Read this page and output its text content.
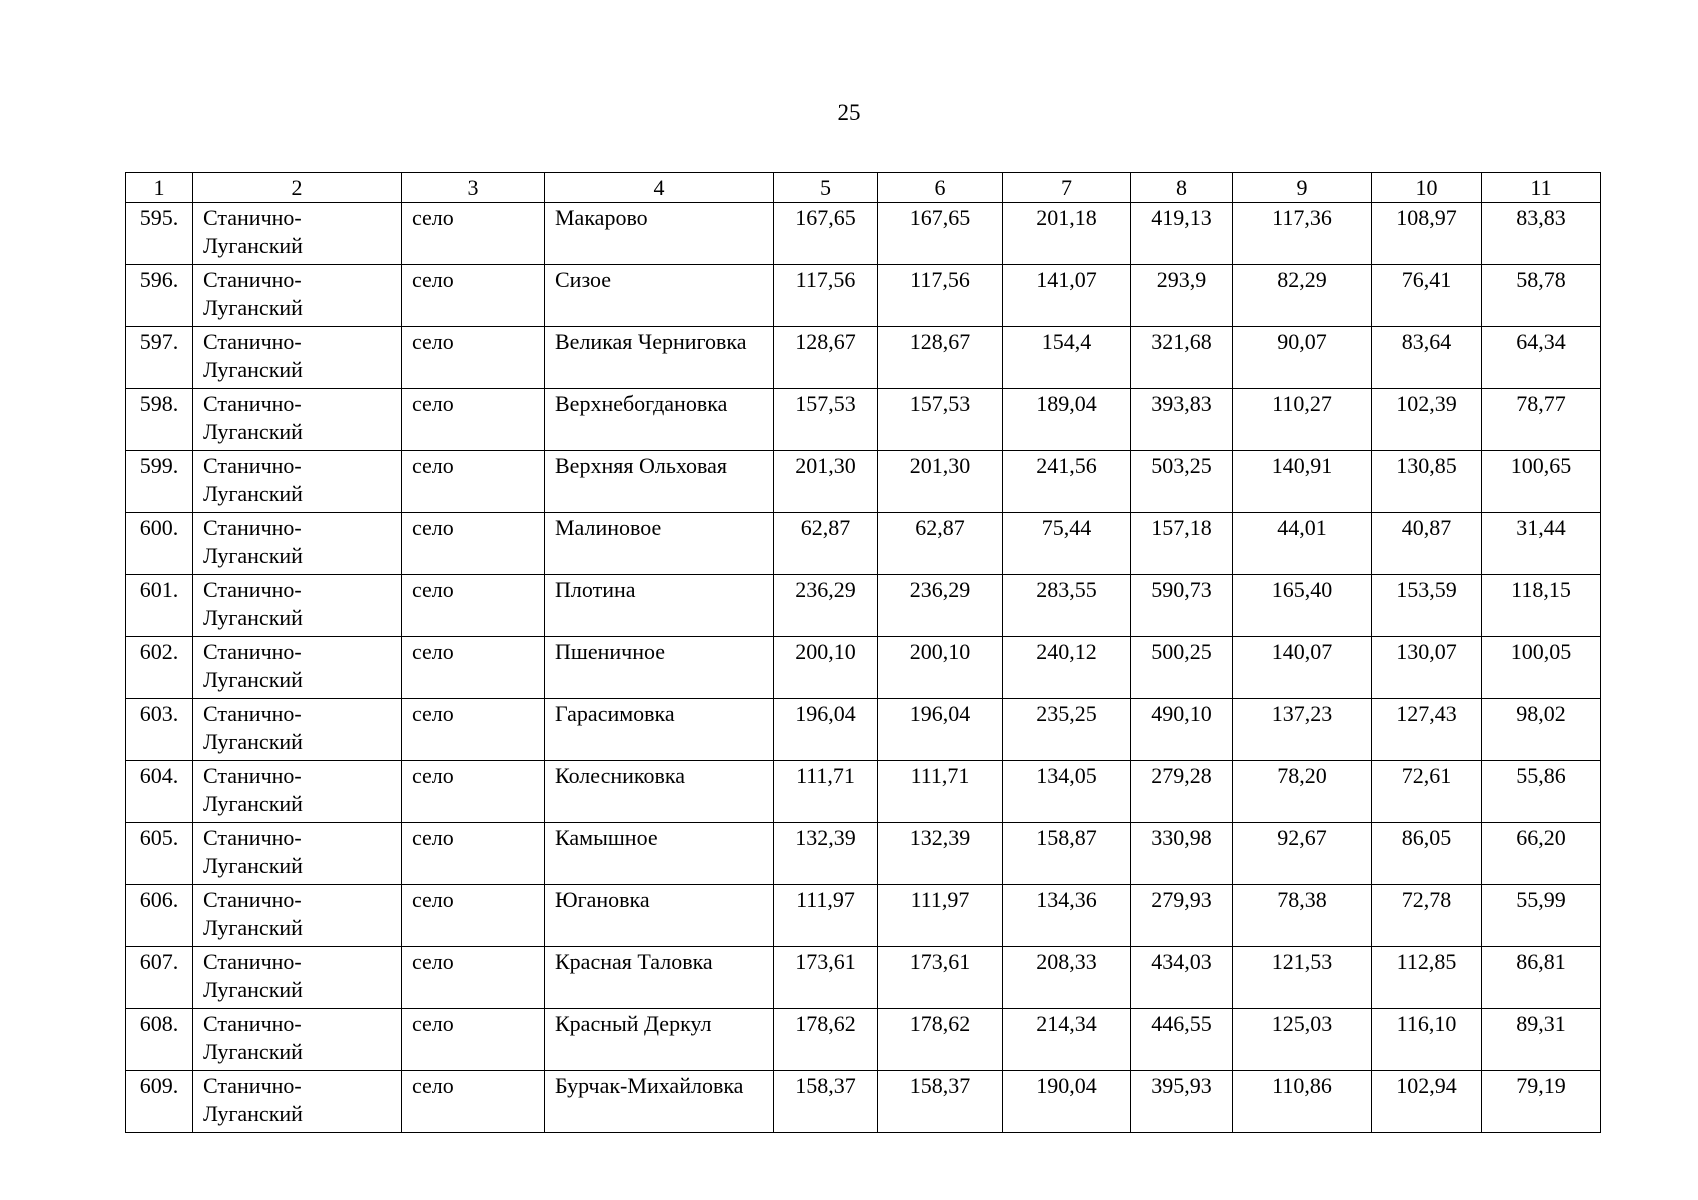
25
1	2	3	4	5	6	7	8	9	10	11
595.	Станично-Луганский	село	Макарово	167,65	167,65	201,18	419,13	117,36	108,97	83,83
596.	Станично-Луганский	село	Сизое	117,56	117,56	141,07	293,9	82,29	76,41	58,78
597.	Станично-Луганский	село	Великая Черниговка	128,67	128,67	154,4	321,68	90,07	83,64	64,34
598.	Станично-Луганский	село	Верхнебогдановка	157,53	157,53	189,04	393,83	110,27	102,39	78,77
599.	Станично-Луганский	село	Верхняя Ольховая	201,30	201,30	241,56	503,25	140,91	130,85	100,65
600.	Станично-Луганский	село	Малиновое	62,87	62,87	75,44	157,18	44,01	40,87	31,44
601.	Станично-Луганский	село	Плотина	236,29	236,29	283,55	590,73	165,40	153,59	118,15
602.	Станично-Луганский	село	Пшеничное	200,10	200,10	240,12	500,25	140,07	130,07	100,05
603.	Станично-Луганский	село	Гарасимовка	196,04	196,04	235,25	490,10	137,23	127,43	98,02
604.	Станично-Луганский	село	Колесниковка	111,71	111,71	134,05	279,28	78,20	72,61	55,86
605.	Станично-Луганский	село	Камышное	132,39	132,39	158,87	330,98	92,67	86,05	66,20
606.	Станично-Луганский	село	Югановка	111,97	111,97	134,36	279,93	78,38	72,78	55,99
607.	Станично-Луганский	село	Красная Таловка	173,61	173,61	208,33	434,03	121,53	112,85	86,81
608.	Станично-Луганский	село	Красный Деркул	178,62	178,62	214,34	446,55	125,03	116,10	89,31
609.	Станично-Луганский	село	Бурчак-Михайловка	158,37	158,37	190,04	395,93	110,86	102,94	79,19
